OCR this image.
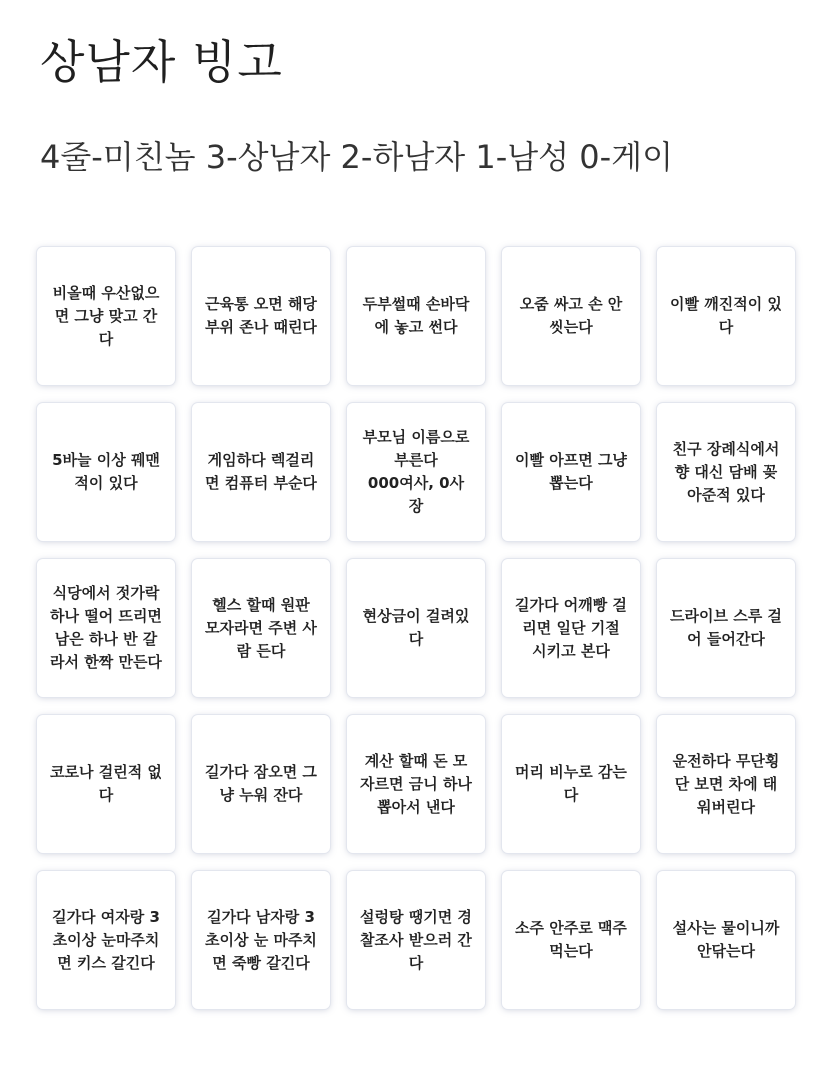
상남자 빙고
4줄-미친놈 3-상남자 2-하남자 1-남성 0-게이
비올때 우산없으
면 그냥 맞고 간
다
근육통 오면 해당
부위 존나 때린다
두부썰때 손바닥
에 놓고 썬다
오줌 싸고 손 안
씻는다
이빨 깨진적이 있
다
5바늘 이상 꿰맨
적이 있다
게임하다 렉걸리
면 컴퓨터 부순다
부모님 이름으로
부른다
000여사, 0사
장
이빨 아프면 그냥
뽑는다
친구 장례식에서
향 대신 담배 꽂
아준적 있다
식당에서 젓가락
하나 떨어 뜨리면
남은 하나 반 갈
라서 한짝 만든다
헬스 할때 원판
모자라면 주변 사
람 든다
현상금이 걸려있
다
길가다 어깨빵 걸
리면 일단 기절
시키고 본다
드라이브 스루 걸
어 들어간다
코로나 걸린적 없
다
길가다 잠오면 그
냥 누워 잔다
계산 할때 돈 모
자르면 금니 하나
뽑아서 낸다
머리 비누로 감는
다
운전하다 무단횡
단 보면 차에 태
워버린다
길가다 여자랑 3
초이상 눈마주치
면 키스 갈긴다
길가다 남자랑 3
초이상 눈 마주치
면 죽빵 갈긴다
설렁탕 땡기면 경
찰조사 받으러 간
다
소주 안주로 맥주
먹는다
설사는 물이니까
안닦는다
